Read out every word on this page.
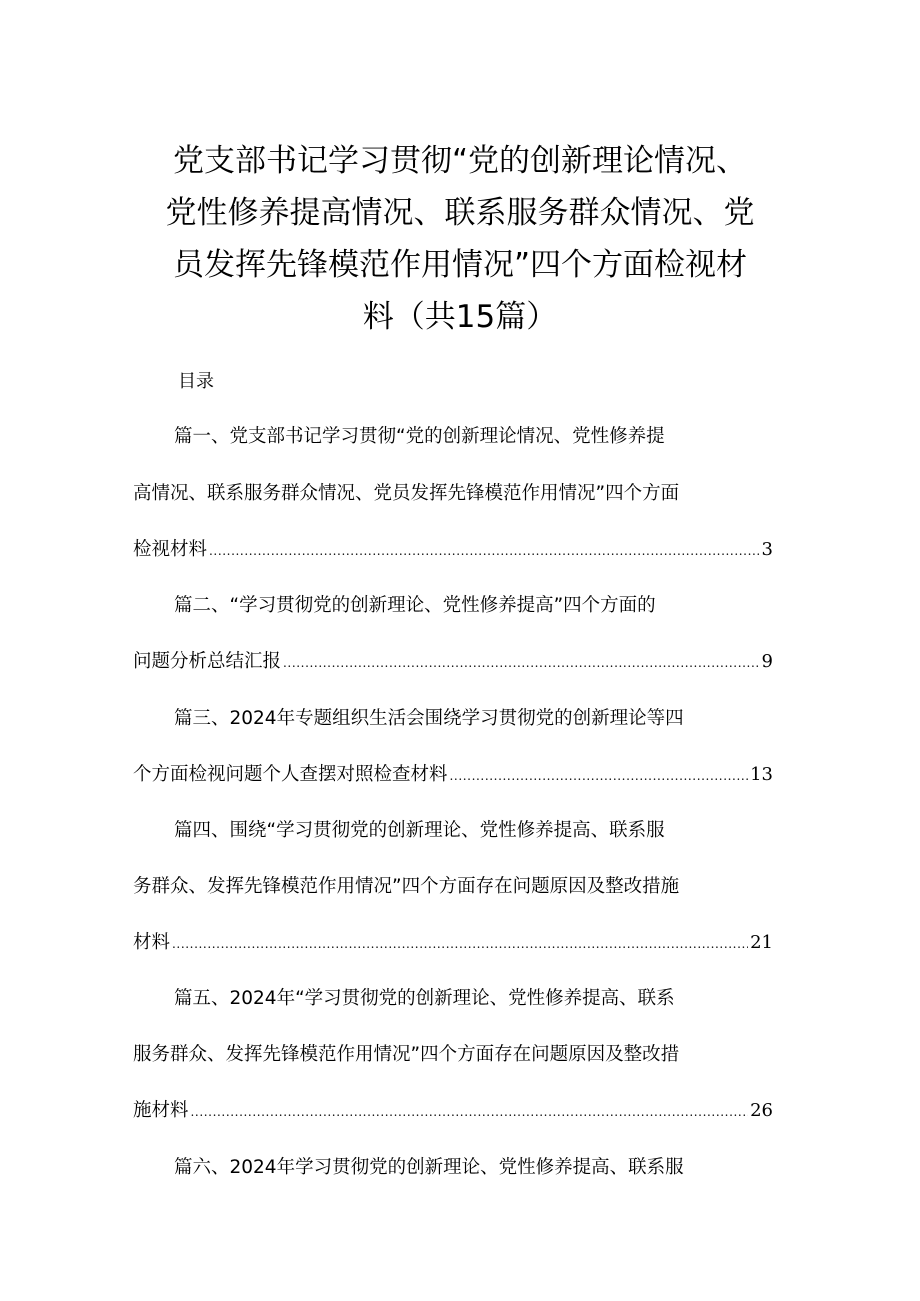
党支部书记学习贯彻“党的创新理论情况、
党性修养提高情况、联系服务群众情况、党
员发挥先锋模范作用情况”四个方面检视材
料（共15篇）
目录
篇一、党支部书记学习贯彻“党的创新理论情况、党性修养提
高情况、联系服务群众情况、党员发挥先锋模范作用情况”四个方面
检视材料 .....	3
篇二、“学习贯彻党的创新理论、党性修养提高”四个方面的
问题分析总结汇报 .....	9
篇三、2024年专题组织生活会围绕学习贯彻党的创新理论等四
个方面检视问题个人查摆对照检查材料 .....	13
篇四、围绕“学习贯彻党的创新理论、党性修养提高、联系服
务群众、发挥先锋模范作用情况”四个方面存在问题原因及整改措施
材料 .....	21
篇五、2024年“学习贯彻党的创新理论、党性修养提高、联系
服务群众、发挥先锋模范作用情况”四个方面存在问题原因及整改措
施材料 .....	26
篇六、2024年学习贯彻党的创新理论、党性修养提高、联系服
